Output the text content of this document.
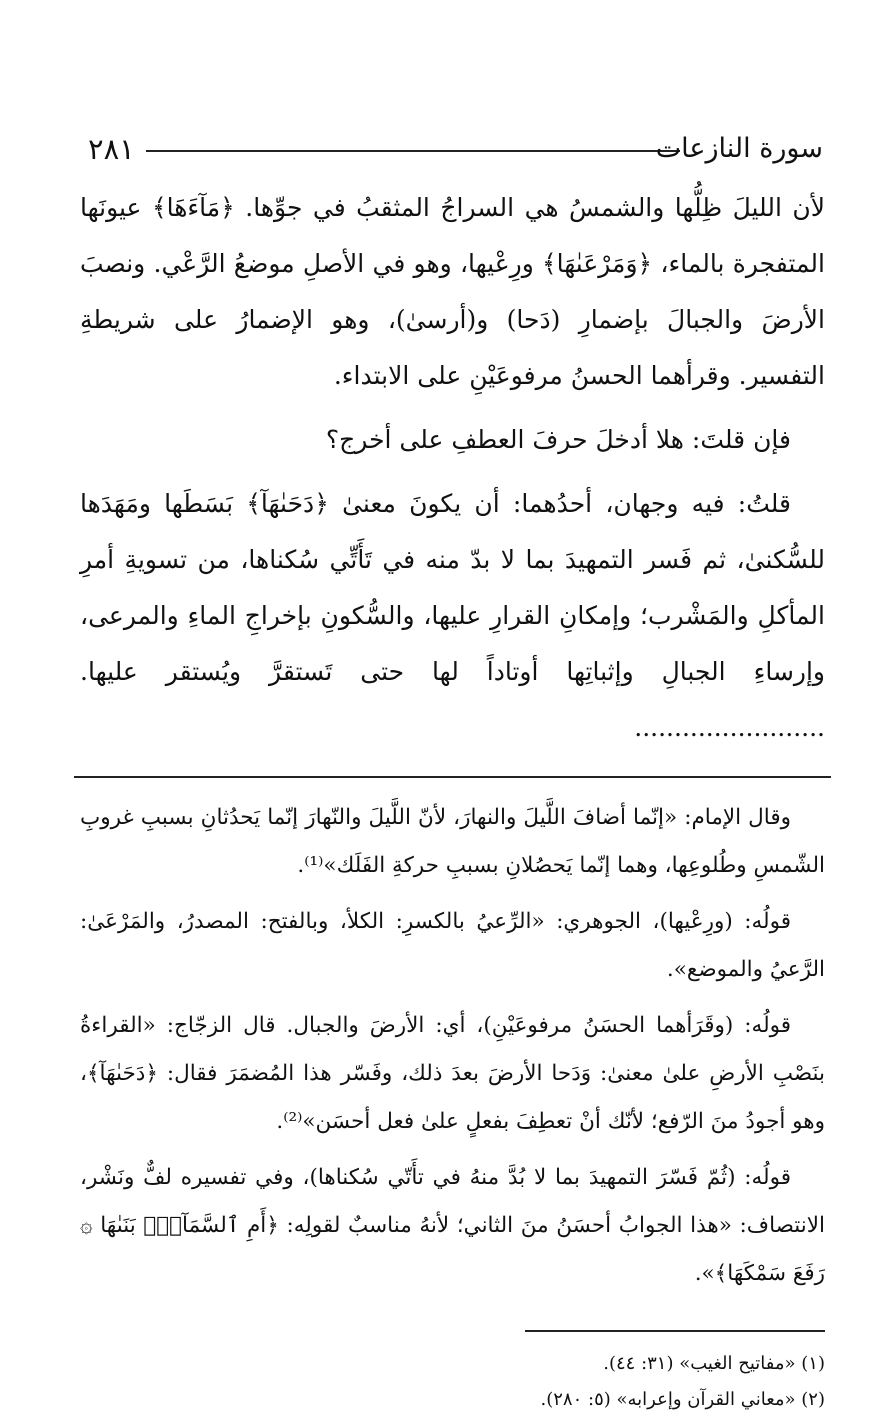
٢٨١	سورة النازعات

لأن الليلَ ظِلُّها والشمسُ هي السراجُ المثقبُ في جوِّها. ﴿مَآءَهَا﴾ عيونَها المتفجرة بالماء، ﴿وَمَرْعَىٰهَا﴾ ورِعْيها، وهو في الأصلِ موضعُ الرَّعْي. ونصبَ الأرضَ والجبالَ بإضمارِ (دَحا) و(أرسىٰ)، وهو الإضمارُ على شريطةِ التفسير. وقرأهما الحسنُ مرفوعَيْنِ على الابتداء.

فإن قلتَ: هلا أدخلَ حرفَ العطفِ على أخرج؟

قلتُ: فيه وجهان، أحدُهما: أن يكونَ معنىٰ ﴿دَحَىٰهَآ﴾ بَسَطَها ومَهَدَها للسُّكنىٰ، ثم فَسر التمهيدَ بما لا بدّ منه في تَأَتِّي سُكناها، من تسويةِ أمرِ المأكلِ والمَشْرب؛ وإمكانِ القرارِ عليها، والسُّكونِ بإخراجِ الماءِ والمرعى، وإرساءِ الجبالِ وإثباتِها أوتاداً لها حتى تَستقرَّ ويُستقر عليها. ........................

وقال الإمام: «إنّما أضافَ اللَّيلَ والنهارَ، لأنّ اللَّيلَ والنّهارَ إنّما يَحدُثانِ بسببِ غروبِ الشّمسِ وطُلوعِها، وهما إنّما يَحصُلانِ بسببِ حركةِ الفَلَك»⁽¹⁾.

قولُه: (ورِعْيها)، الجوهري: «الرِّعيُ بالكسرِ: الكلأ، وبالفتح: المصدرُ، والمَرْعَىٰ: الرَّعيُ والموضع».

قولُه: (وقَرَأهما الحسَنُ مرفوعَيْنِ)، أي: الأرضَ والجبال. قال الزجّاج: «القراءةُ بنَصْبِ الأرضِ علىٰ معنىٰ: وَدَحا الأرضَ بعدَ ذلك، وفَسّر هذا المُضمَرَ فقال: ﴿دَحَىٰهَآ﴾، وهو أجودُ منَ الرّفع؛ لأنّك أنْ تعطِفَ بفعلٍ علىٰ فعل أحسَن»⁽²⁾.

قولُه: (ثُمّ فَسّرَ التمهيدَ بما لا بُدَّ منهُ في تأَتّي سُكناها)، وفي تفسيره لفٌّ ونَشْر، الانتصاف: «هذا الجوابُ أحسَنُ منَ الثاني؛ لأنهُ مناسبٌ لقولِه: ﴿أَمِ ٱلسَّمَآءُۚ بَنَىٰهَا ۞ رَفَعَ سَمْكَهَا﴾».

(١) «مفاتيح الغيب» (٣١: ٤٤).

(٢) «معاني القرآن وإعرابه» (٥: ٢٨٠).
